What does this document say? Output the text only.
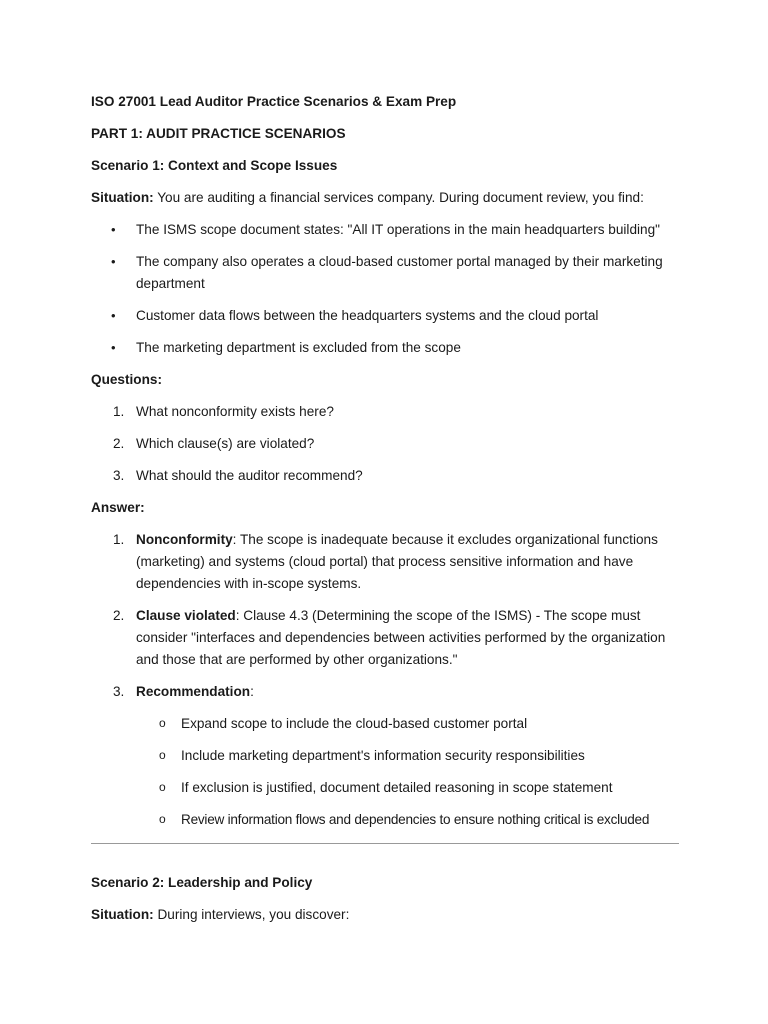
ISO 27001 Lead Auditor Practice Scenarios & Exam Prep
PART 1: AUDIT PRACTICE SCENARIOS
Scenario 1: Context and Scope Issues
Situation: You are auditing a financial services company. During document review, you find:
• The ISMS scope document states: "All IT operations in the main headquarters building"
• The company also operates a cloud-based customer portal managed by their marketing department
• Customer data flows between the headquarters systems and the cloud portal
• The marketing department is excluded from the scope
Questions:
1. What nonconformity exists here?
2. Which clause(s) are violated?
3. What should the auditor recommend?
Answer:
1. Nonconformity: The scope is inadequate because it excludes organizational functions (marketing) and systems (cloud portal) that process sensitive information and have dependencies with in-scope systems.
2. Clause violated: Clause 4.3 (Determining the scope of the ISMS) - The scope must consider "interfaces and dependencies between activities performed by the organization and those that are performed by other organizations."
3. Recommendation:
o Expand scope to include the cloud-based customer portal
o Include marketing department's information security responsibilities
o If exclusion is justified, document detailed reasoning in scope statement
o Review information flows and dependencies to ensure nothing critical is excluded
Scenario 2: Leadership and Policy
Situation: During interviews, you discover:
